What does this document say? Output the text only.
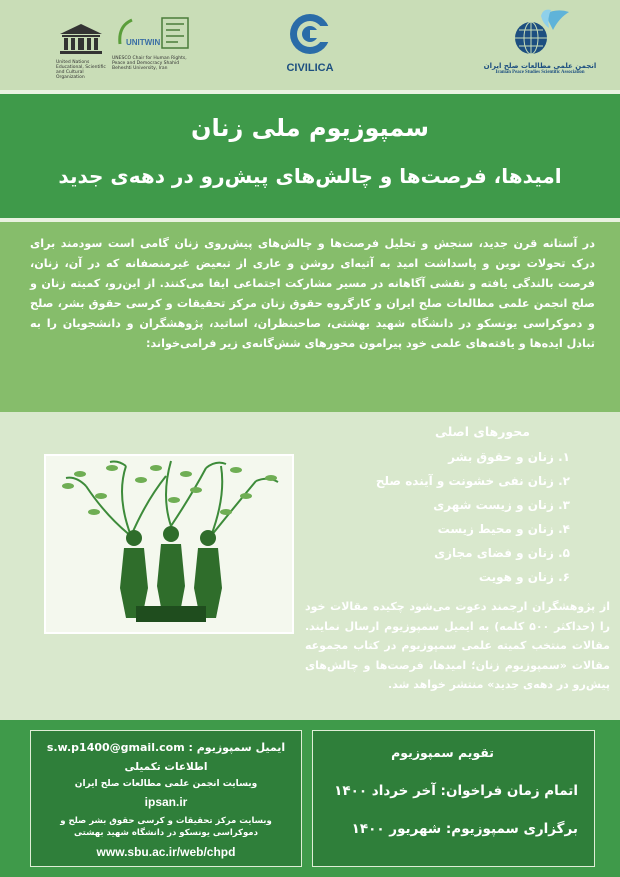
United Nations Educational, Scientific and Cultural Organization
UNITWIN
UNESCO Chair for Human Rights, Peace and Democracy Shahid Beheshti University, Iran	CIVILICA	انجمن علمی مطالعات صلح ایران
Iranian Peace Studies Scientific Association
سمپوزیوم ملی زنان
امیدها، فرصت‌ها و چالش‌های پیش‌رو در دهه‌ی جدید
در آستانه قرن جدید، سنجش و تحلیل فرصت‌ها و چالش‌های پیش‌روی زنان گامی است سودمند برای درک تحولات نوین و پاسداشت امید به آتیه‌ای روشن و عاری از تبعیض غیرمنصفانه که در آن، زنان، فرصت بالندگی یافته و نقشی آگاهانه در مسیر مشارکت اجتماعی ایفا می‌کنند. از این‌رو، کمیته زنان و صلح انجمن علمی مطالعات صلح ایران و کارگروه حقوق زنان مرکز تحقیقات و کرسی حقوق بشر، صلح و دموکراسی یونسکو در دانشگاه شهید بهشتی، صاحبنظران، اساتید، پژوهشگران و دانشجویان را به تبادل ایده‌ها و یافته‌های علمی خود پیرامون محورهای شش‌گانه‌ی زیر فرامی‌خواند:
محورهای اصلی
۱. زنان و حقوق بشر
۲. زنان نفی خشونت و آینده صلح
۳. زنان و زیست شهری
۴. زنان و محیط زیست
۵. زنان و فضای مجازی
۶. زنان و هویت
از پژوهشگران ارجمند دعوت می‌شود چکیده مقالات خود را (حداکثر ۵۰۰ کلمه) به ایمیل سمپوزیوم ارسال نمایند. مقالات منتخب کمیته علمی سمپوزیوم در کتاب مجموعه مقالات «سمپوزیوم زنان؛ امیدها، فرصت‌ها و چالش‌های پیش‌رو در دهه‌ی جدید» منتشر خواهد شد.
s.w.p1400@gmail.com : ایمیل سمپوزیوم
اطلاعات تکمیلی
وبسایت انجمن علمی مطالعات صلح ایران
ipsan.ir
وبسایت مرکز تحقیقات و کرسی حقوق بشر صلح و دموکراسی یونسکو در دانشگاه شهید بهشتی
www.sbu.ac.ir/web/chpd
تقویم سمپوزیوم
اتمام زمان فراخوان: آخر خرداد ۱۴۰۰
برگزاری سمپوزیوم: شهریور ۱۴۰۰
